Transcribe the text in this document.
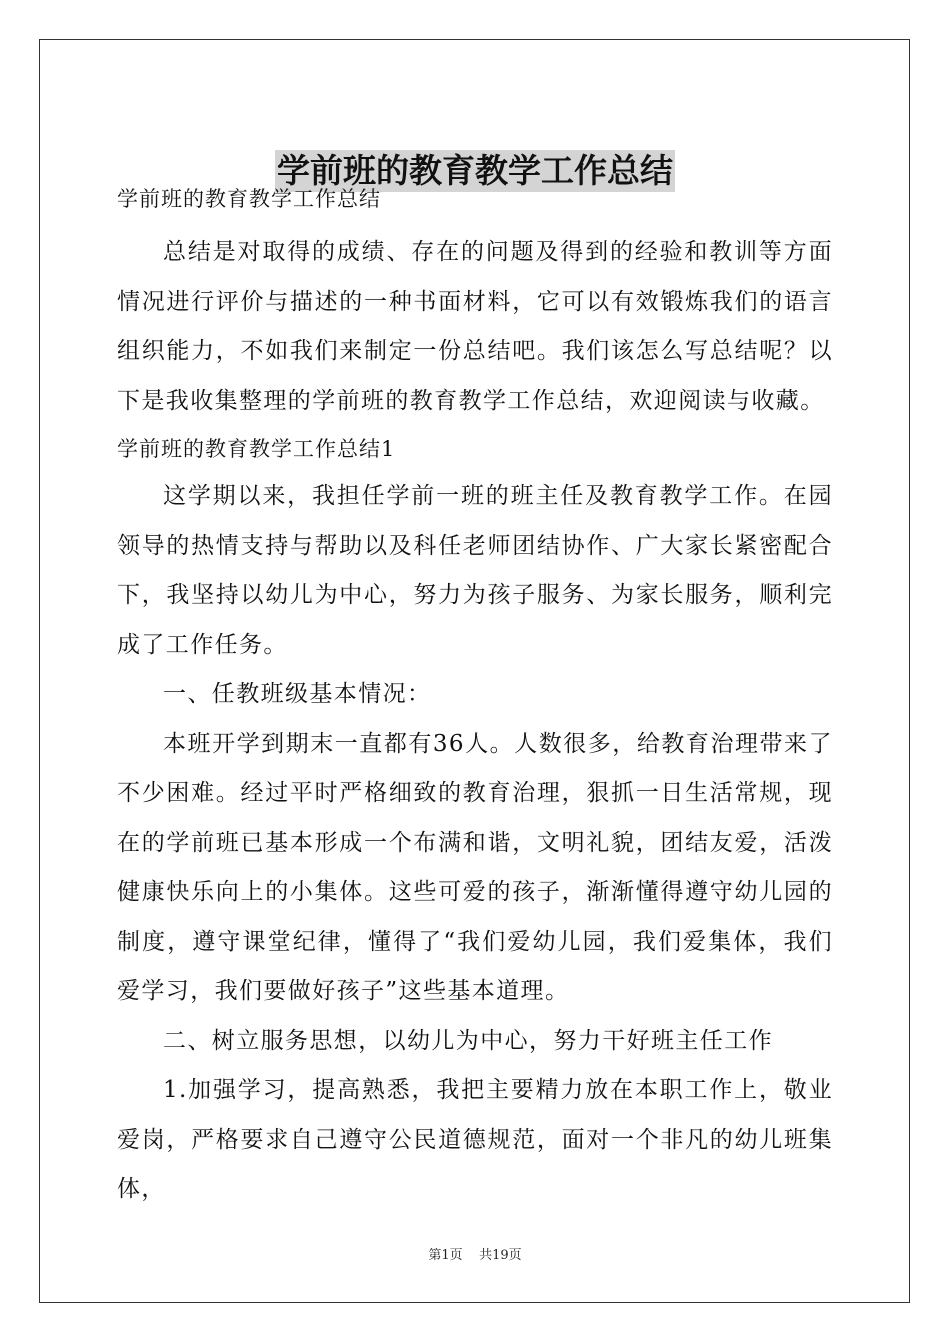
学前班的教育教学工作总结

学前班的教育教学工作总结

总结是对取得的成绩、存在的问题及得到的经验和教训等方面情况进行评价与描述的一种书面材料，它可以有效锻炼我们的语言组织能力，不如我们来制定一份总结吧。我们该怎么写总结呢？以下是我收集整理的学前班的教育教学工作总结，欢迎阅读与收藏。

学前班的教育教学工作总结1

这学期以来，我担任学前一班的班主任及教育教学工作。在园领导的热情支持与帮助以及科任老师团结协作、广大家长紧密配合下，我坚持以幼儿为中心，努力为孩子服务、为家长服务，顺利完成了工作任务。

一、任教班级基本情况：

本班开学到期末一直都有36人。人数很多，给教育治理带来了不少困难。经过平时严格细致的教育治理，狠抓一日生活常规，现在的学前班已基本形成一个布满和谐，文明礼貌，团结友爱，活泼健康快乐向上的小集体。这些可爱的孩子，渐渐懂得遵守幼儿园的制度，遵守课堂纪律，懂得了“我们爱幼儿园，我们爱集体，我们爱学习，我们要做好孩子”这些基本道理。

二、树立服务思想，以幼儿为中心，努力干好班主任工作

1.加强学习，提高熟悉，我把主要精力放在本职工作上，敬业爱岗，严格要求自己遵守公民道德规范，面对一个非凡的幼儿班集体，

第1页 共19页
